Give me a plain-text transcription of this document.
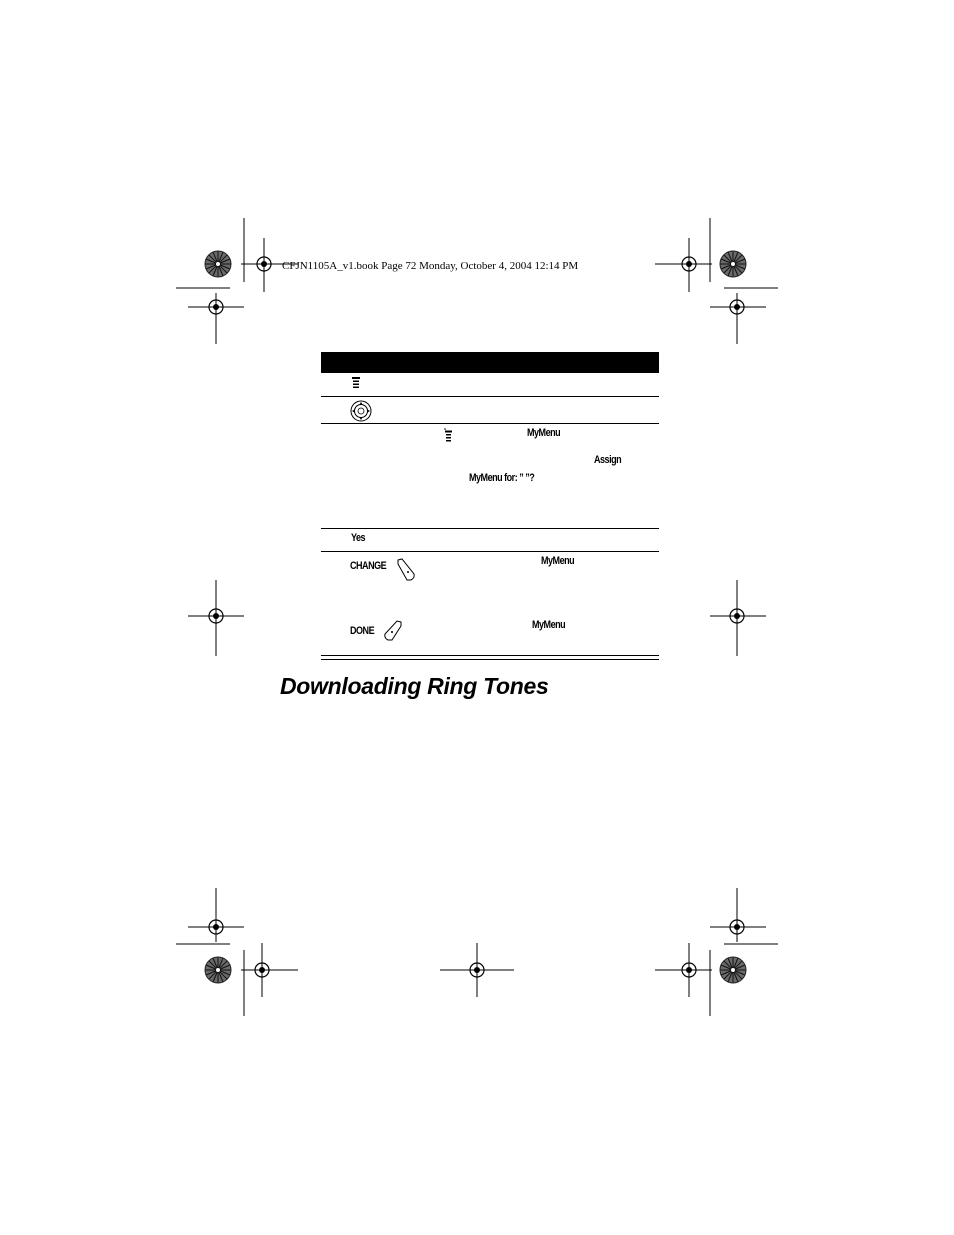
CFJN1105A_v1.book Page 72 Monday, October 4, 2004 12:14 PM
MyMenu
Assign
MyMenu for: ” ”?
Yes
CHANGE	MyMenu
DONE	MyMenu
Downloading Ring Tones
